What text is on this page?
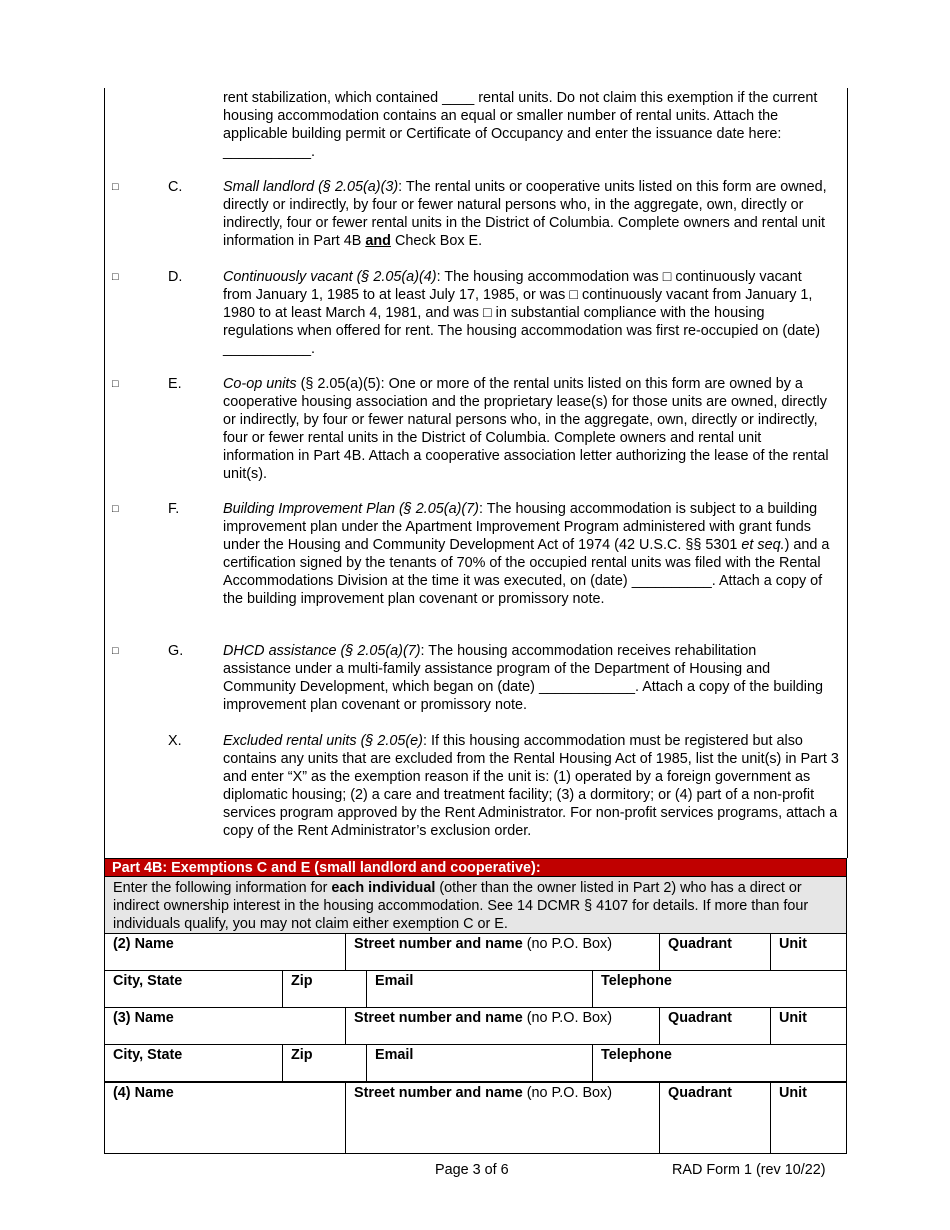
rent stabilization, which contained ____ rental units. Do not claim this exemption if the current housing accommodation contains an equal or smaller number of rental units. Attach the applicable building permit or Certificate of Occupancy and enter the issuance date here: ___________.
□	C.	Small landlord (§ 2.05(a)(3): The rental units or cooperative units listed on this form are owned, directly or indirectly, by four or fewer natural persons who, in the aggregate, own, directly or indirectly, four or fewer rental units in the District of Columbia. Complete owners and rental unit information in Part 4B and Check Box E.
□	D.	Continuously vacant (§ 2.05(a)(4): The housing accommodation was □ continuously vacant from January 1, 1985 to at least July 17, 1985, or was □ continuously vacant from January 1, 1980 to at least March 4, 1981, and was □ in substantial compliance with the housing regulations when offered for rent. The housing accommodation was first re-occupied on (date) ___________.
□	E.	Co-op units (§ 2.05(a)(5): One or more of the rental units listed on this form are owned by a cooperative housing association and the proprietary lease(s) for those units are owned, directly or indirectly, by four or fewer natural persons who, in the aggregate, own, directly or indirectly, four or fewer rental units in the District of Columbia. Complete owners and rental unit information in Part 4B. Attach a cooperative association letter authorizing the lease of the rental unit(s).
□	F.	Building Improvement Plan (§ 2.05(a)(7): The housing accommodation is subject to a building improvement plan under the Apartment Improvement Program administered with grant funds under the Housing and Community Development Act of 1974 (42 U.S.C. §§ 5301 et seq.) and a certification signed by the tenants of 70% of the occupied rental units was filed with the Rental Accommodations Division at the time it was executed, on (date) __________. Attach a copy of the building improvement plan covenant or promissory note.
□	G.	DHCD assistance (§ 2.05(a)(7): The housing accommodation receives rehabilitation assistance under a multi-family assistance program of the Department of Housing and Community Development, which began on (date) ____________. Attach a copy of the building improvement plan covenant or promissory note.
X.	Excluded rental units (§ 2.05(e): If this housing accommodation must be registered but also contains any units that are excluded from the Rental Housing Act of 1985, list the unit(s) in Part 3 and enter “X” as the exemption reason if the unit is: (1) operated by a foreign government as diplomatic housing; (2) a care and treatment facility; (3) a dormitory; or (4) part of a non-profit services program approved by the Rent Administrator. For non-profit services programs, attach a copy of the Rent Administrator’s exclusion order.
Part 4B: Exemptions C and E (small landlord and cooperative):
Enter the following information for each individual (other than the owner listed in Part 2) who has a direct or indirect ownership interest in the housing accommodation. See 14 DCMR § 4107 for details. If more than four individuals qualify, you may not claim either exemption C or E.
(2) Name		Street number and name (no P.O. Box)			Quadrant	Unit
City, State	Zip		Email	Telephone		
(3) Name		Street number and name (no P.O. Box)			Quadrant	Unit
City, State	Zip		Email	Telephone		
(4) Name		Street number and name (no P.O. Box)			Quadrant	Unit
Page 3 of 6	RAD Form 1 (rev 10/22)
